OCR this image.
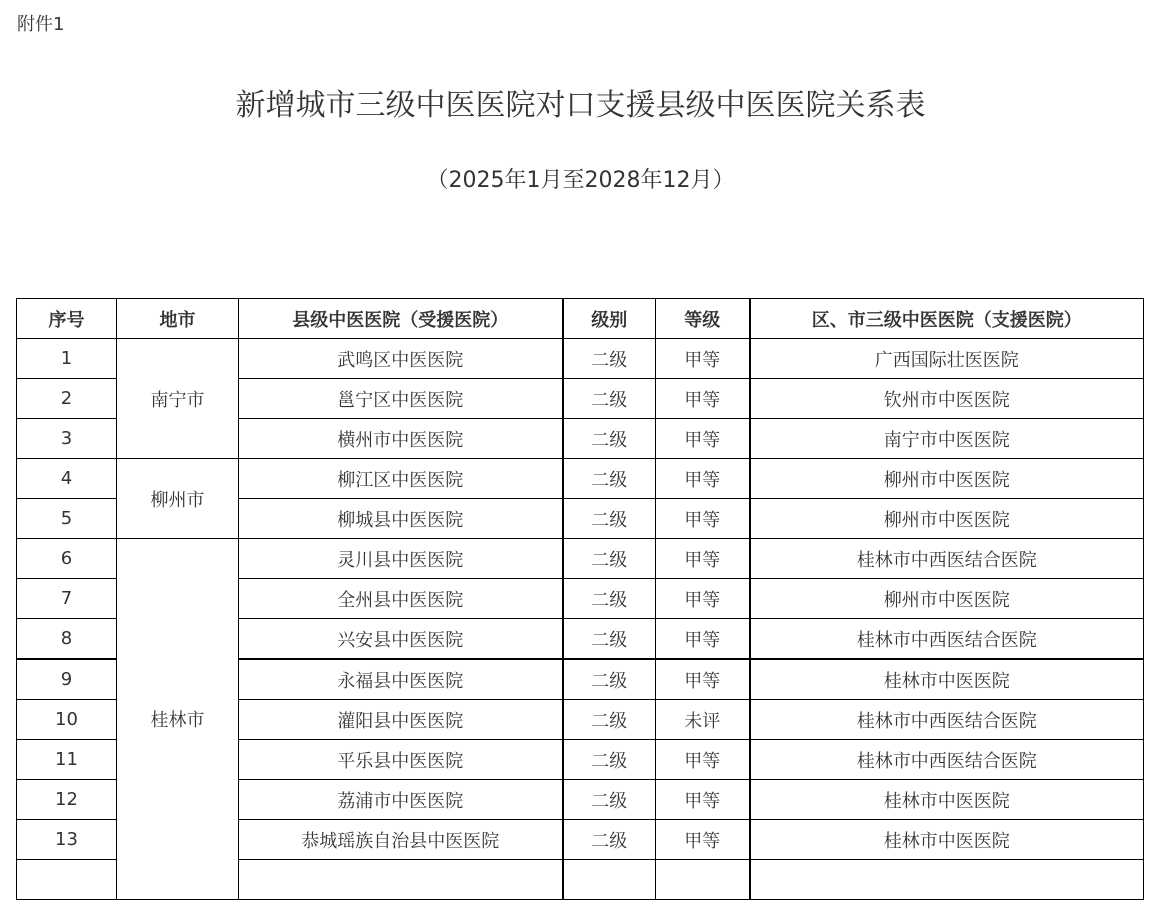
附件1
新增城市三级中医医院对口支援县级中医医院关系表
（2025年1月至2028年12月）
序号	地市	县级中医医院（受援医院）	级别	等级	区、市三级中医医院（支援医院）
1	南宁市	武鸣区中医医院	二级	甲等	广西国际壮医医院
2		邕宁区中医医院	二级	甲等	钦州市中医医院
3		横州市中医医院	二级	甲等	南宁市中医医院
4	柳州市	柳江区中医医院	二级	甲等	柳州市中医医院
5		柳城县中医医院	二级	甲等	柳州市中医医院
6	桂林市	灵川县中医医院	二级	甲等	桂林市中西医结合医院
7		全州县中医医院	二级	甲等	柳州市中医医院
8		兴安县中医医院	二级	甲等	桂林市中西医结合医院
9		永福县中医医院	二级	甲等	桂林市中医医院
10		灌阳县中医医院	二级	未评	桂林市中西医结合医院
11		平乐县中医医院	二级	甲等	桂林市中西医结合医院
12		荔浦市中医医院	二级	甲等	桂林市中医医院
13		恭城瑶族自治县中医医院	二级	甲等	桂林市中医医院
